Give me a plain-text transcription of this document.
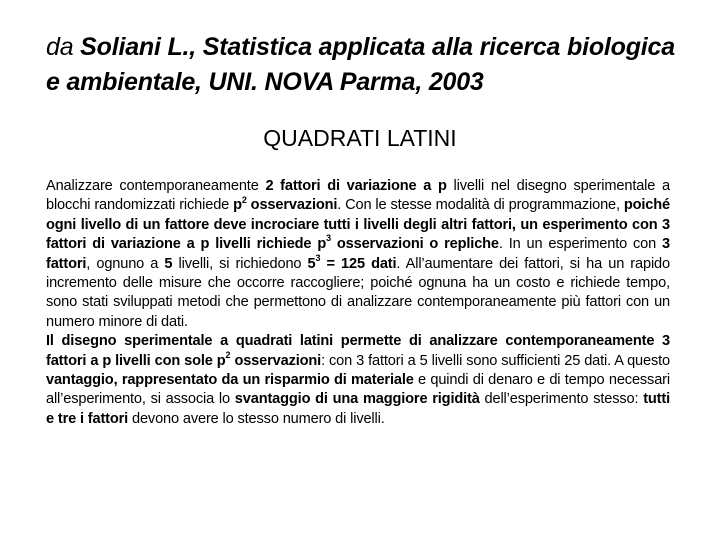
da Soliani L., Statistica applicata alla ricerca biologica
e ambientale, UNI. NOVA Parma, 2003
QUADRATI LATINI

Analizzare contemporaneamente 2 fattori di variazione a p livelli nel disegno sperimentale a blocchi randomizzati richiede $p^2$ osservazioni. Con le stesse modalità di programmazione, poiché ogni livello di un fattore deve incrociare tutti i livelli degli altri fattori, un esperimento con 3 fattori di variazione a p livelli richiede $p^3$ osservazioni o repliche. In un esperimento con 3 fattori, ognuno a 5 livelli, si richiedono $5^3 = 125$ dati. All’aumentare dei fattori, si ha un rapido incremento delle misure che occorre raccogliere; poiché ognuna ha un costo e richiede tempo, sono stati sviluppati metodi che permettono di analizzare contemporaneamente più fattori con un numero minore di dati.

Il disegno sperimentale a quadrati latini permette di analizzare contemporaneamente 3 fattori a p livelli con sole $p^2$ osservazioni: con 3 fattori a 5 livelli sono sufficienti 25 dati. A questo vantaggio, rappresentato da un risparmio di materiale e quindi di denaro e di tempo necessari all’esperimento, si associa lo svantaggio di una maggiore rigidità dell’esperimento stesso: tutti e tre i fattori devono avere lo stesso numero di livelli.
